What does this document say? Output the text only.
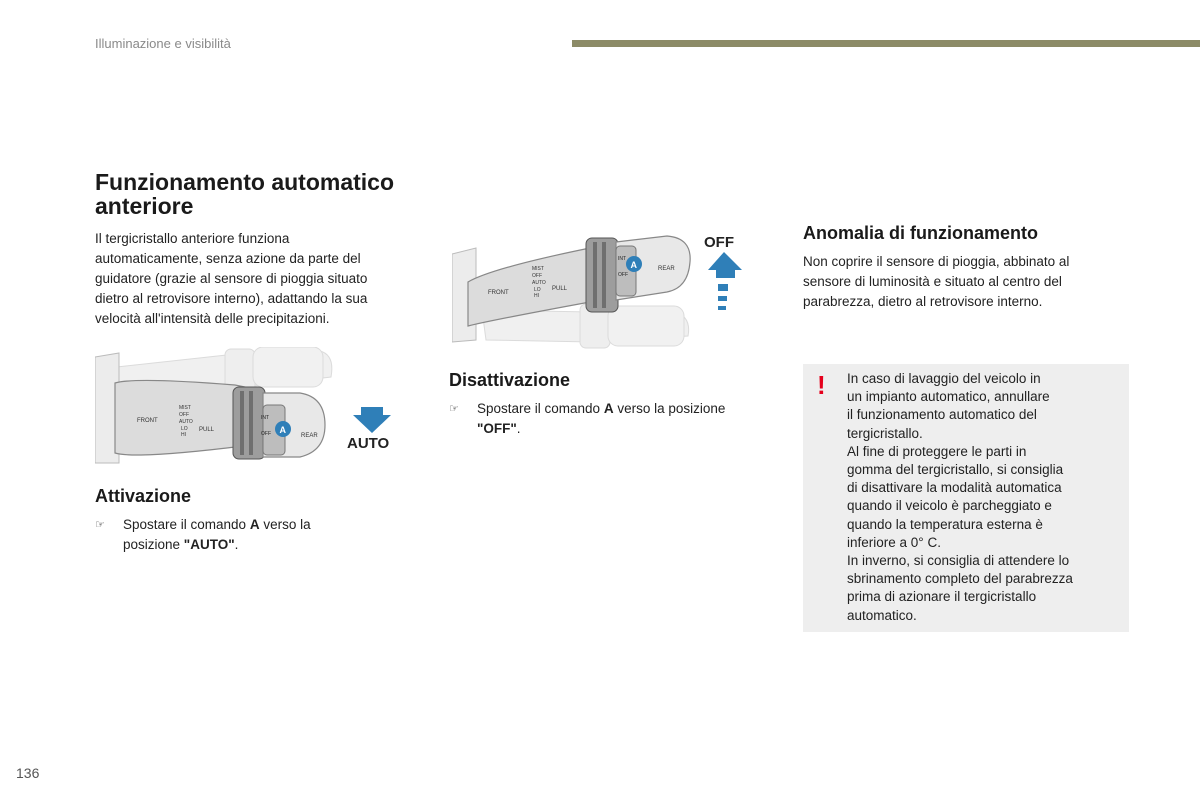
Illuminazione e visibilità
Funzionamento automatico
anteriore
Il tergicristallo anteriore funziona
automaticamente, senza azione da parte del
guidatore (grazie al sensore di pioggia situato
dietro al retrovisore interno), adattando la sua
velocità all'intensità delle precipitazioni.
FRONT
MIST
OFF
AUTO
LO
HI
PULL
INT
OFF	REAR
A
AUTO
Attivazione
☞	Spostare il comando A verso la
posizione "AUTO".
FRONT
MIST
OFF
AUTO
LO
HI
PULL
INT
OFF
REAR
A
OFF
Disattivazione
☞	Spostare il comando A verso la posizione
"OFF".
Anomalia di funzionamento
Non coprire il sensore di pioggia, abbinato al
sensore di luminosità e situato al centro del
parabrezza, dietro al retrovisore interno.
! In caso di lavaggio del veicolo in

un impianto automatico, annullare

il funzionamento automatico del

tergicristallo.

Al fine di proteggere le parti in

gomma del tergicristallo, si consiglia

di disattivare la modalità automatica

quando il veicolo è parcheggiato e

quando la temperatura esterna è

inferiore a 0° C.

In inverno, si consiglia di attendere lo

sbrinamento completo del parabrezza

prima di azionare il tergicristallo

automatico.

136
